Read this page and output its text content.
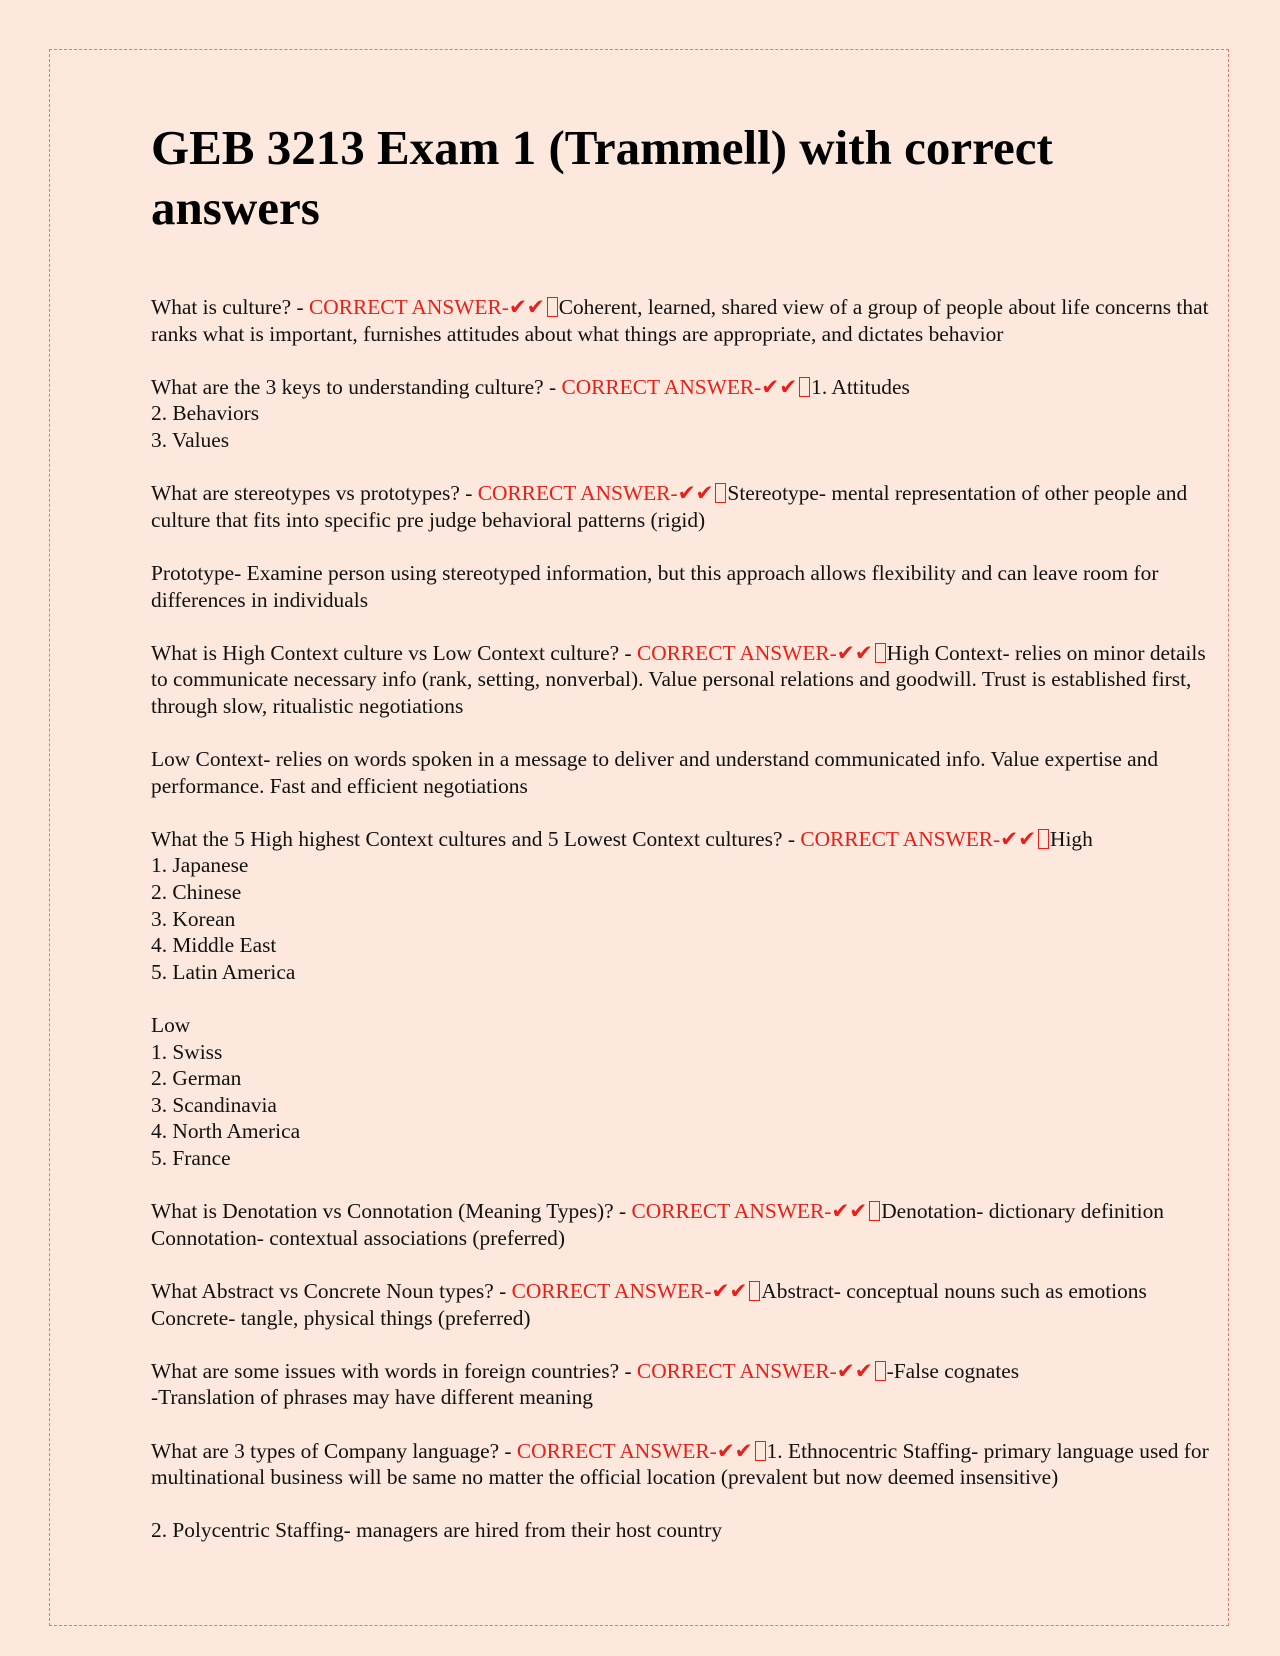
GEB 3213 Exam 1 (Trammell) with correct answers
What is culture? - CORRECT ANSWER-✔✔ Coherent, learned, shared view of a group of people about life concerns that ranks what is important, furnishes attitudes about what things are appropriate, and dictates behavior
What are the 3 keys to understanding culture? - CORRECT ANSWER-✔✔ 1. Attitudes
2. Behaviors
3. Values
What are stereotypes vs prototypes? - CORRECT ANSWER-✔✔ Stereotype- mental representation of other people and culture that fits into specific pre judge behavioral patterns (rigid)
Prototype- Examine person using stereotyped information, but this approach allows flexibility and can leave room for differences in individuals
What is High Context culture vs Low Context culture? - CORRECT ANSWER-✔✔ High Context- relies on minor details to communicate necessary info (rank, setting, nonverbal). Value personal relations and goodwill. Trust is established first, through slow, ritualistic negotiations
Low Context- relies on words spoken in a message to deliver and understand communicated info. Value expertise and performance. Fast and efficient negotiations
What the 5 High highest Context cultures and 5 Lowest Context cultures? - CORRECT ANSWER-✔✔ High
1. Japanese
2. Chinese
3. Korean
4. Middle East
5. Latin America
Low
1. Swiss
2. German
3. Scandinavia
4. North America
5. France
What is Denotation vs Connotation (Meaning Types)? - CORRECT ANSWER-✔✔ Denotation- dictionary definition
Connotation- contextual associations (preferred)
What Abstract vs Concrete Noun types? - CORRECT ANSWER-✔✔ Abstract- conceptual nouns such as emotions
Concrete- tangle, physical things (preferred)
What are some issues with words in foreign countries? - CORRECT ANSWER-✔✔ -False cognates
-Translation of phrases may have different meaning
What are 3 types of Company language? - CORRECT ANSWER-✔✔ 1. Ethnocentric Staffing- primary language used for multinational business will be same no matter the official location (prevalent but now deemed insensitive)
2. Polycentric Staffing- managers are hired from their host country
